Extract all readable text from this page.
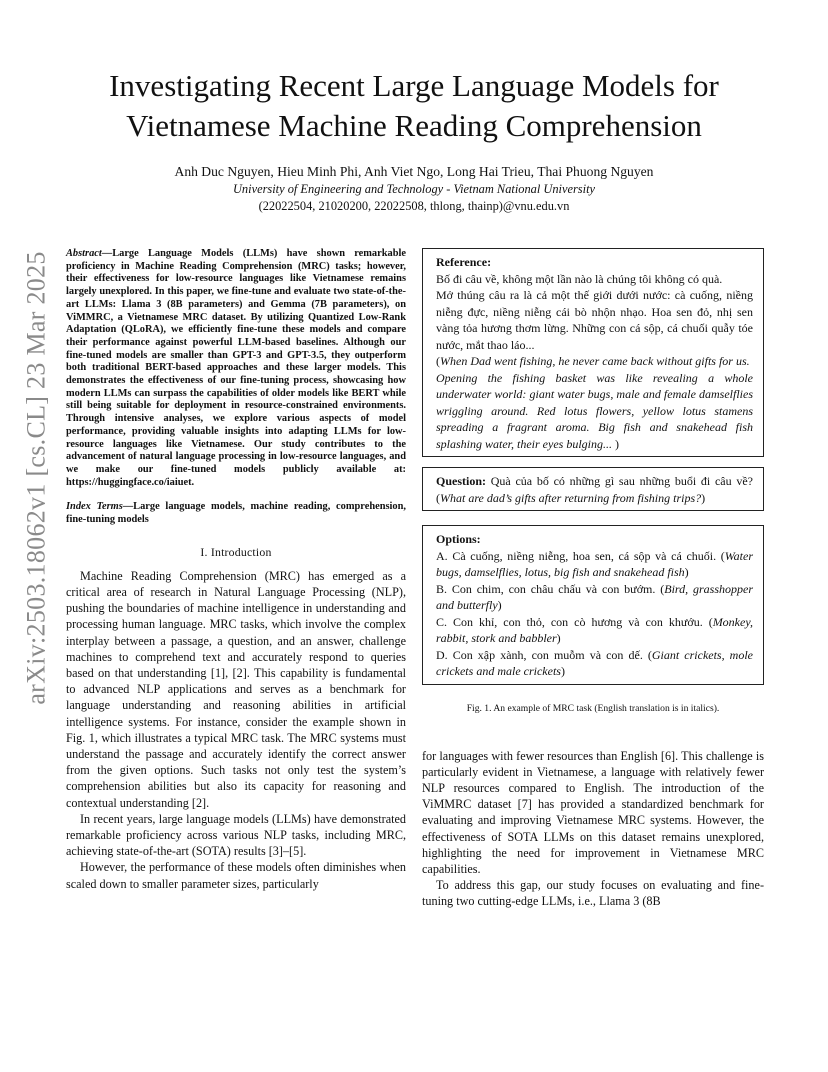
arXiv:2503.18062v1 [cs.CL] 23 Mar 2025
Investigating Recent Large Language Models for
Vietnamese Machine Reading Comprehension
Anh Duc Nguyen, Hieu Minh Phi, Anh Viet Ngo, Long Hai Trieu, Thai Phuong Nguyen
University of Engineering and Technology - Vietnam National University
(22022504, 21020200, 22022508, thlong, thainp)@vnu.edu.vn

Abstract—Large Language Models (LLMs) have shown remarkable proficiency in Machine Reading Comprehension (MRC) tasks; however, their effectiveness for low-resource languages like Vietnamese remains largely unexplored. In this paper, we fine-tune and evaluate two state-of-the-art LLMs: Llama 3 (8B parameters) and Gemma (7B parameters), on ViMMRC, a Vietnamese MRC dataset. By utilizing Quantized Low-Rank Adaptation (QLoRA), we efficiently fine-tune these models and compare their performance against powerful LLM-based baselines. Although our fine-tuned models are smaller than GPT-3 and GPT-3.5, they outperform both traditional BERT-based approaches and these larger models. This demonstrates the effectiveness of our fine-tuning process, showcasing how modern LLMs can surpass the capabilities of older models like BERT while still being suitable for deployment in resource-constrained environments. Through intensive analyses, we explore various aspects of model performance, providing valuable insights into adapting LLMs for low-resource languages like Vietnamese. Our study contributes to the advancement of natural language processing in low-resource languages, and we make our fine-tuned models publicly available at: https://huggingface.co/iaiuet.

Index Terms—Large language models, machine reading, comprehension, fine-tuning models

I. Introduction

Machine Reading Comprehension (MRC) has emerged as a critical area of research in Natural Language Processing (NLP), pushing the boundaries of machine intelligence in understanding and processing human language. MRC tasks, which involve the complex interplay between a passage, a question, and an answer, challenge machines to comprehend text and accurately respond to queries based on that understanding [1], [2]. This capability is fundamental to advanced NLP applications and serves as a benchmark for language understanding and reasoning abilities in artificial intelligence systems. For instance, consider the example shown in Fig. 1, which illustrates a typical MRC task. The MRC systems must understand the passage and accurately identify the correct answer from the given options. Such tasks not only test the system’s comprehension abilities but also its capacity for reasoning and contextual understanding [2].

In recent years, large language models (LLMs) have demonstrated remarkable proficiency across various NLP tasks, including MRC, achieving state-of-the-art (SOTA) results [3]–[5].

However, the performance of these models often diminishes when scaled down to smaller parameter sizes, particularly

Reference:

Bố đi câu về, không một lần nào là chúng tôi không có quà.

Mở thúng câu ra là cả một thế giới dưới nước: cà cuống, niềng niễng đực, niềng niễng cái bò nhộn nhạo. Hoa sen đỏ, nhị sen vàng tỏa hương thơm lừng. Những con cá sộp, cá chuối quẫy tóe nước, mắt thao láo...

(When Dad went fishing, he never came back without gifts for us.

Opening the fishing basket was like revealing a whole underwater world: giant water bugs, male and female damselflies wriggling around. Red lotus flowers, yellow lotus stamens spreading a fragrant aroma. Big fish and snakehead fish splashing water, their eyes bulging... )

Question: Quà của bố có những gì sau những buổi đi câu về? (What are dad’s gifts after returning from fishing trips?)

Options:

A. Cà cuống, niềng niễng, hoa sen, cá sộp và cá chuối. (Water bugs, damselflies, lotus, big fish and snakehead fish)

B. Con chim, con châu chấu và con bướm. (Bird, grasshopper and butterfly)

C. Con khỉ, con thỏ, con cò hương và con khướu. (Monkey, rabbit, stork and babbler)

D. Con xập xành, con muỗm và con dế. (Giant crickets, mole crickets and male crickets)

Fig. 1. An example of MRC task (English translation is in italics).

for languages with fewer resources than English [6]. This challenge is particularly evident in Vietnamese, a language with relatively fewer NLP resources compared to English. The introduction of the ViMMRC dataset [7] has provided a standardized benchmark for evaluating and improving Vietnamese MRC systems. However, the effectiveness of SOTA LLMs on this dataset remains unexplored, highlighting the need for improvement in Vietnamese MRC capabilities.

To address this gap, our study focuses on evaluating and fine-tuning two cutting-edge LLMs, i.e., Llama 3 (8B
